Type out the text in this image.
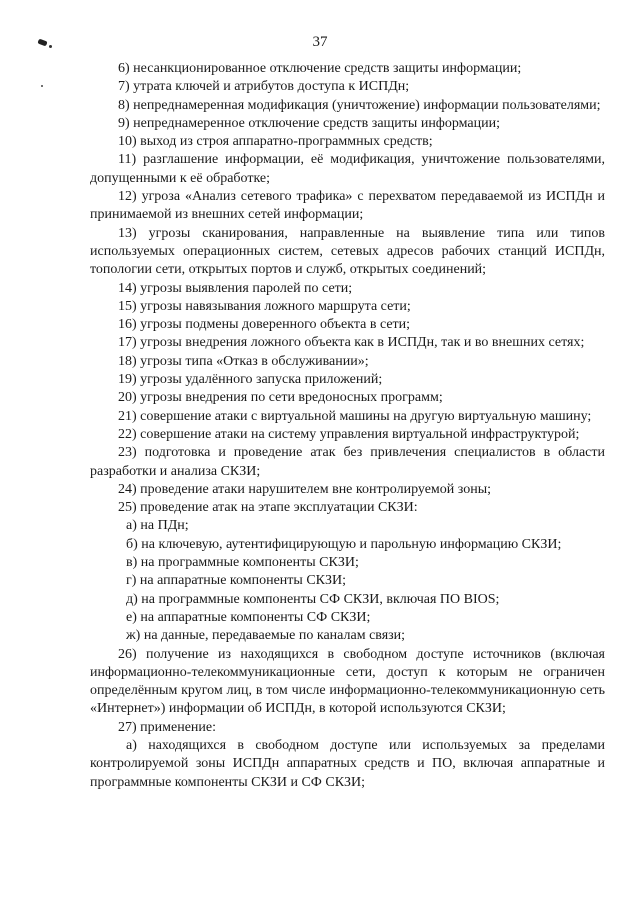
37

6) несанкционированное отключение средств защиты информации;

7) утрата ключей и атрибутов доступа к ИСПДн;

8) непреднамеренная модификация (уничтожение) информации пользователями;

9) непреднамеренное отключение средств защиты информации;

10) выход из строя аппаратно-программных средств;

11) разглашение информации, её модификация, уничтожение пользователями, допущенными к её обработке;

12) угроза «Анализ сетевого трафика» с перехватом передаваемой из ИСПДн и принимаемой из внешних сетей информации;

13) угрозы сканирования, направленные на выявление типа или типов используемых операционных систем, сетевых адресов рабочих станций ИСПДн, топологии сети, открытых портов и служб, открытых соединений;

14) угрозы выявления паролей по сети;

15) угрозы навязывания ложного маршрута сети;

16) угрозы подмены доверенного объекта в сети;

17) угрозы внедрения ложного объекта как в ИСПДн, так и во внешних сетях;

18) угрозы типа «Отказ в обслуживании»;

19) угрозы удалённого запуска приложений;

20) угрозы внедрения по сети вредоносных программ;

21) совершение атаки с виртуальной машины на другую виртуальную машину;

22) совершение атаки на систему управления виртуальной инфраструктурой;

23) подготовка и проведение атак без привлечения специалистов в области разработки и анализа СКЗИ;

24) проведение атаки нарушителем вне контролируемой зоны;

25) проведение атак на этапе эксплуатации СКЗИ:

а) на ПДн;

б) на ключевую, аутентифицирующую и парольную информацию СКЗИ;

в) на программные компоненты СКЗИ;

г) на аппаратные компоненты СКЗИ;

д) на программные компоненты СФ СКЗИ, включая ПО BIOS;

е) на аппаратные компоненты СФ СКЗИ;

ж) на данные, передаваемые по каналам связи;

26) получение из находящихся в свободном доступе источников (включая информационно-телекоммуникационные сети, доступ к которым не ограничен определённым кругом лиц, в том числе информационно-телекоммуникационную сеть «Интернет») информации об ИСПДн, в которой используются СКЗИ;

27) применение:

а) находящихся в свободном доступе или используемых за пределами контролируемой зоны ИСПДн аппаратных средств и ПО, включая аппаратные и программные компоненты СКЗИ и СФ СКЗИ;
